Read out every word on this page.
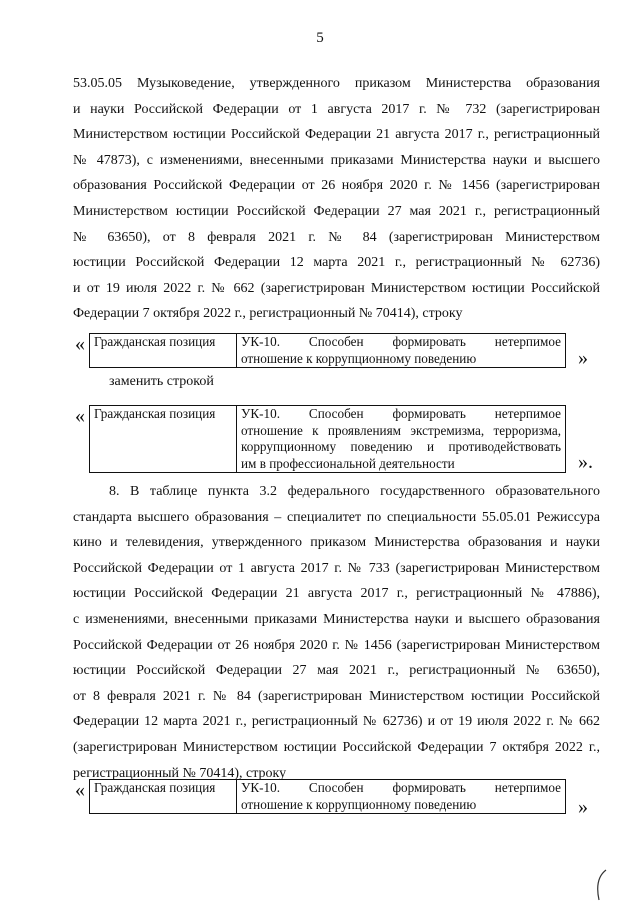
5
53.05.05 Музыковедение, утвержденного приказом Министерства образования
и науки Российской Федерации от 1 августа 2017 г. № 732 (зарегистрирован
Министерством юстиции Российской Федерации 21 августа 2017 г., регистрационный
№ 47873), с изменениями, внесенными приказами Министерства науки и высшего
образования Российской Федерации от 26 ноября 2020 г. № 1456 (зарегистрирован
Министерством юстиции Российской Федерации 27 мая 2021 г., регистрационный
№ 63650), от 8 февраля 2021 г. № 84 (зарегистрирован Министерством
юстиции Российской Федерации 12 марта 2021 г., регистрационный № 62736)
и от 19 июля 2022 г. № 662 (зарегистрирован Министерством юстиции Российской
Федерации 7 октября 2022 г., регистрационный № 70414), строку
« Гражданская позиция	УК-10. Способен формировать нетерпимое
отношение к коррупционному поведению	»
заменить строкой
« Гражданская позиция	УК-10. Способен формировать нетерпимое
отношение к проявлениям экстремизма, терроризма,
коррупционному поведению и противодействовать
им в профессиональной деятельности	».
8. В таблице пункта 3.2 федерального государственного образовательного
стандарта высшего образования – специалитет по специальности 55.05.01 Режиссура
кино и телевидения, утвержденного приказом Министерства образования и науки
Российской Федерации от 1 августа 2017 г. № 733 (зарегистрирован Министерством
юстиции Российской Федерации 21 августа 2017 г., регистрационный № 47886),
с изменениями, внесенными приказами Министерства науки и высшего образования
Российской Федерации от 26 ноября 2020 г. № 1456 (зарегистрирован Министерством
юстиции Российской Федерации 27 мая 2021 г., регистрационный № 63650),
от 8 февраля 2021 г. № 84 (зарегистрирован Министерством юстиции Российской
Федерации 12 марта 2021 г., регистрационный № 62736) и от 19 июля 2022 г. № 662
(зарегистрирован Министерством юстиции Российской Федерации 7 октября 2022 г.,
регистрационный № 70414), строку
« Гражданская позиция	УК-10. Способен формировать нетерпимое
отношение к коррупционному поведению	»
